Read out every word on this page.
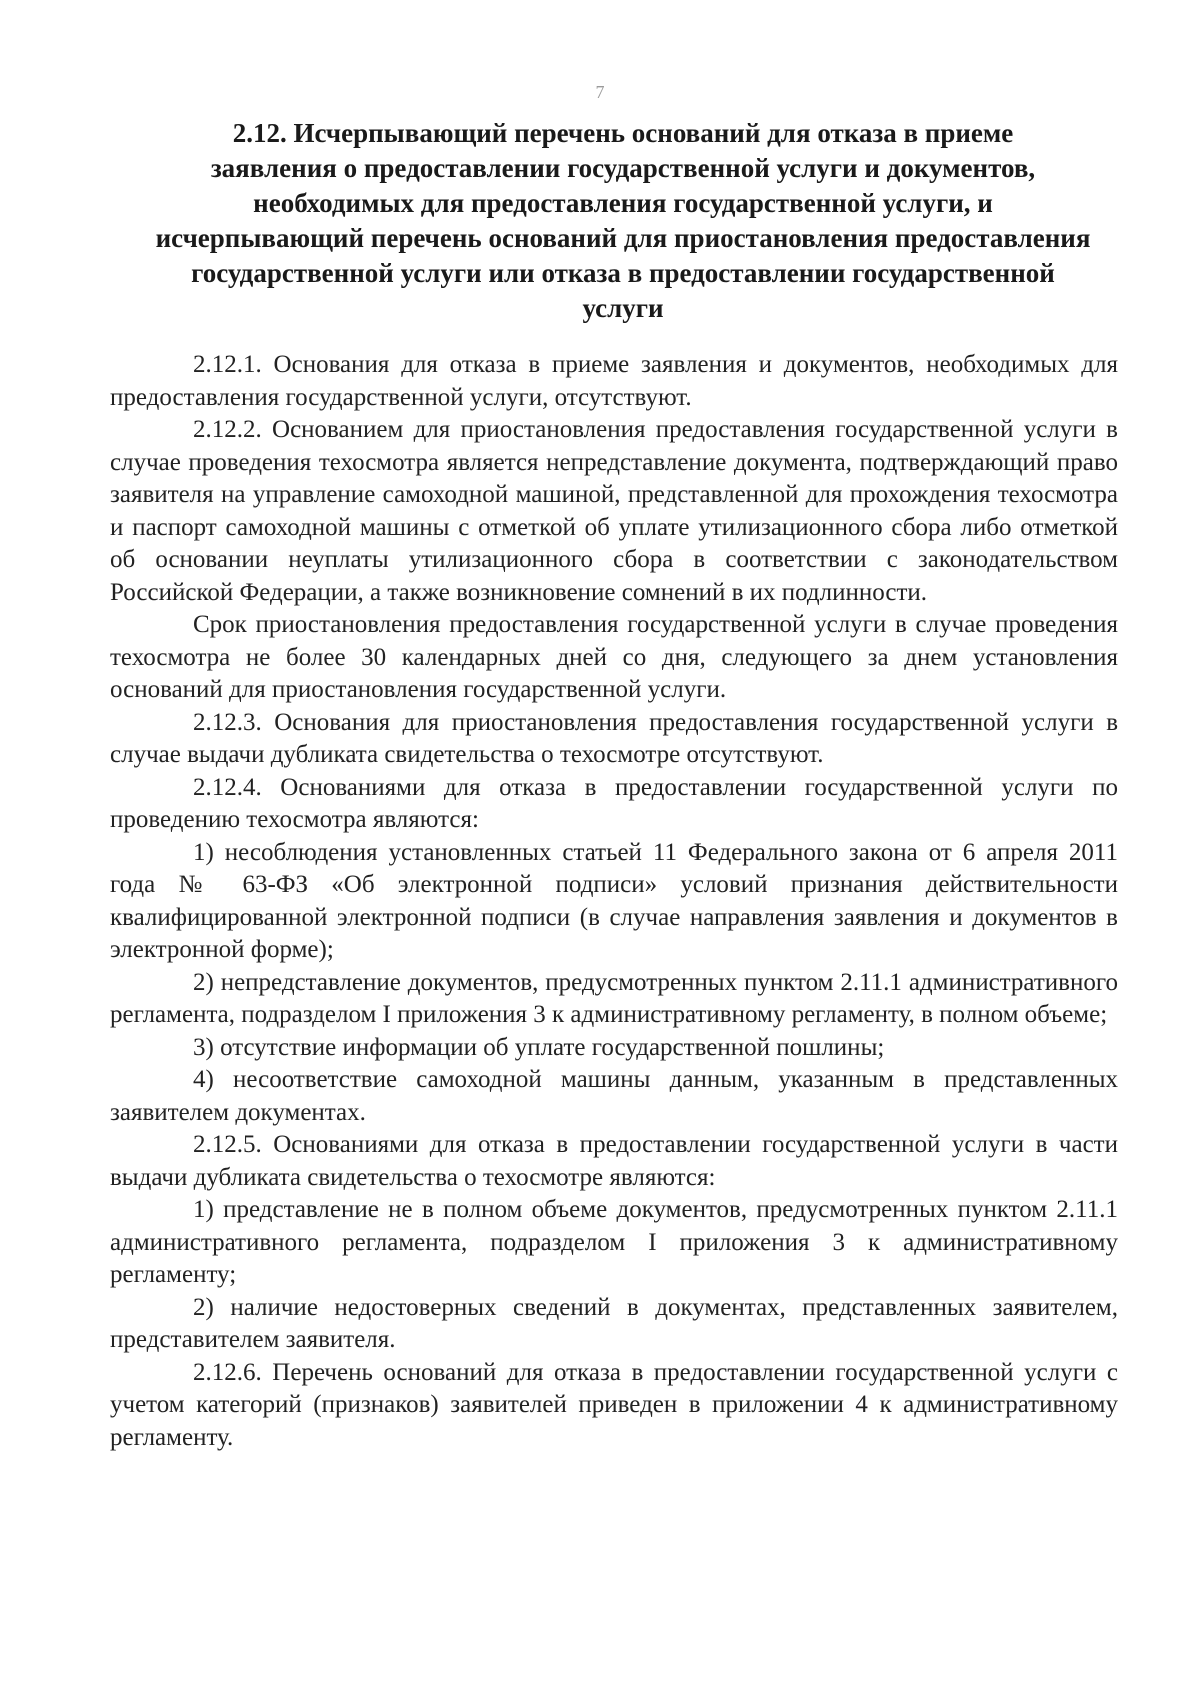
7
2.12. Исчерпывающий перечень оснований для отказа в приеме
заявления о предоставлении государственной услуги и документов,
необходимых для предоставления государственной услуги, и
исчерпывающий перечень оснований для приостановления предоставления
государственной услуги или отказа в предоставлении государственной
услуги

2.12.1. Основания для отказа в приеме заявления и документов, необходимых для предоставления государственной услуги, отсутствуют.

2.12.2. Основанием для приостановления предоставления государственной услуги в случае проведения техосмотра является непредставление документа, подтверждающий право заявителя на управление самоходной машиной, представленной для прохождения техосмотра и паспорт самоходной машины с отметкой об уплате утилизационного сбора либо отметкой об основании неуплаты утилизационного сбора в соответствии с законодательством Российской Федерации, а также возникновение сомнений в их подлинности.

Срок приостановления предоставления государственной услуги в случае проведения техосмотра не более 30 календарных дней со дня, следующего за днем установления оснований для приостановления государственной услуги.

2.12.3. Основания для приостановления предоставления государственной услуги в случае выдачи дубликата свидетельства о техосмотре отсутствуют.

2.12.4. Основаниями для отказа в предоставлении государственной услуги по проведению техосмотра являются:

1) несоблюдения установленных статьей 11 Федерального закона от 6 апреля 2011 года № 63-ФЗ «Об электронной подписи» условий признания действительности квалифицированной электронной подписи (в случае направления заявления и документов в электронной форме);

2) непредставление документов, предусмотренных пунктом 2.11.1 административного регламента, подразделом I приложения 3 к административному регламенту, в полном объеме;

3) отсутствие информации об уплате государственной пошлины;

4) несоответствие самоходной машины данным, указанным в представленных заявителем документах.

2.12.5. Основаниями для отказа в предоставлении государственной услуги в части выдачи дубликата свидетельства о техосмотре являются:

1) представление не в полном объеме документов, предусмотренных пунктом 2.11.1 административного регламента, подразделом I приложения 3 к административному регламенту;

2) наличие недостоверных сведений в документах, представленных заявителем, представителем заявителя.

2.12.6. Перечень оснований для отказа в предоставлении государственной услуги с учетом категорий (признаков) заявителей приведен в приложении 4 к административному регламенту.
